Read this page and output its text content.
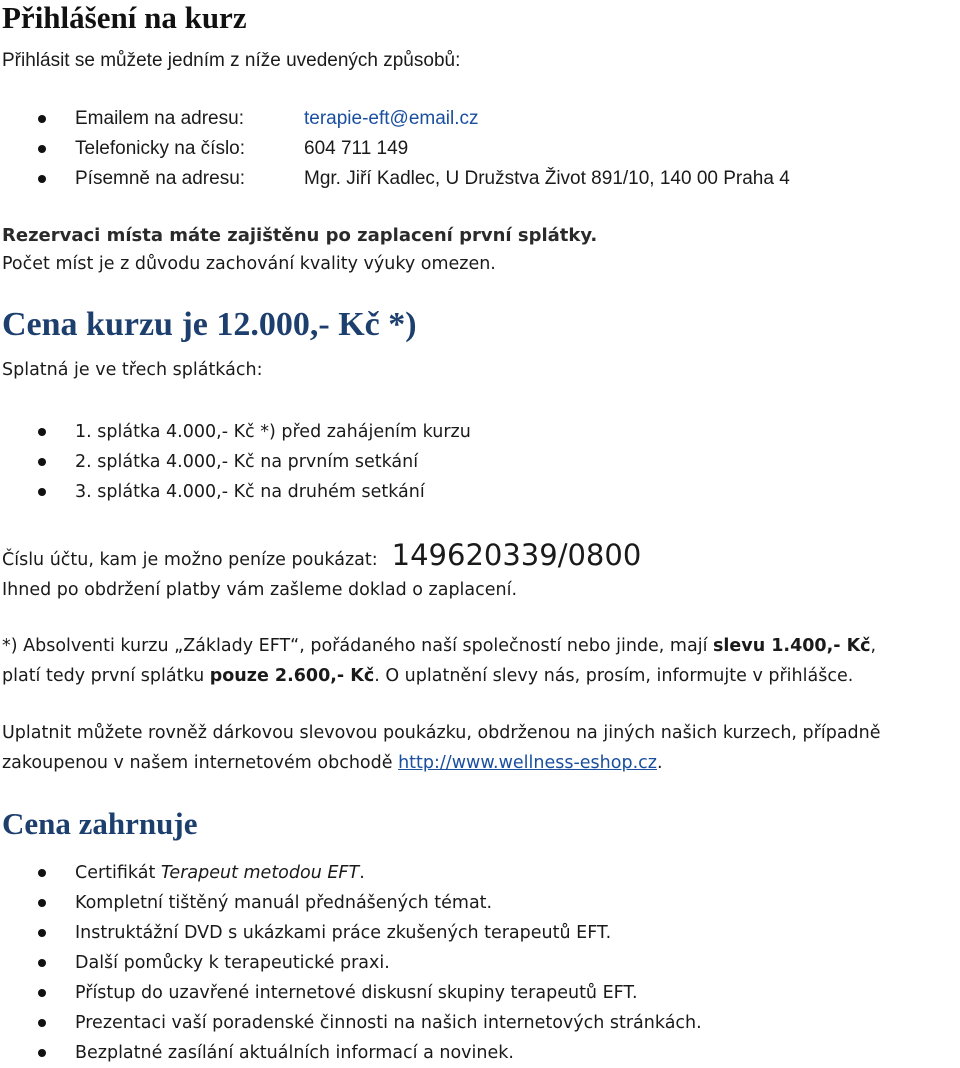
Přihlášení na kurz
Přihlásit se můžete jedním z níže uvedených způsobů:
Emailem na adresu:	terapie-eft@email.cz
Telefonicky na číslo:	604 711 149
Písemně na adresu:	Mgr. Jiří Kadlec, U Družstva Život 891/10, 140 00 Praha 4
Rezervaci místa máte zajištěnu po zaplacení první splátky.
Počet míst je z důvodu zachování kvality výuky omezen.
Cena kurzu je 12.000,- Kč *)
Splatná je ve třech splátkách:
1. splátka 4.000,- Kč *) před zahájením kurzu
2. splátka 4.000,- Kč na prvním setkání
3. splátka 4.000,- Kč na druhém setkání
Číslu účtu, kam je možno peníze poukázat: 149620339/0800
Ihned po obdržení platby vám zašleme doklad o zaplacení.
*) Absolventi kurzu „Základy EFT“, pořádaného naší společností nebo jinde, mají slevu 1.400,- Kč,
platí tedy první splátku pouze 2.600,- Kč. O uplatnění slevy nás, prosím, informujte v přihlášce.
Uplatnit můžete rovněž dárkovou slevovou poukázku, obdrženou na jiných našich kurzech, případně
zakoupenou v našem internetovém obchodě http://www.wellness-eshop.cz.
Cena zahrnuje
Certifikát Terapeut metodou EFT.
Kompletní tištěný manuál přednášených témat.
Instruktážní DVD s ukázkami práce zkušených terapeutů EFT.
Další pomůcky k terapeutické praxi.
Přístup do uzavřené internetové diskusní skupiny terapeutů EFT.
Prezentaci vaší poradenské činnosti na našich internetových stránkách.
Bezplatné zasílání aktuálních informací a novinek.
